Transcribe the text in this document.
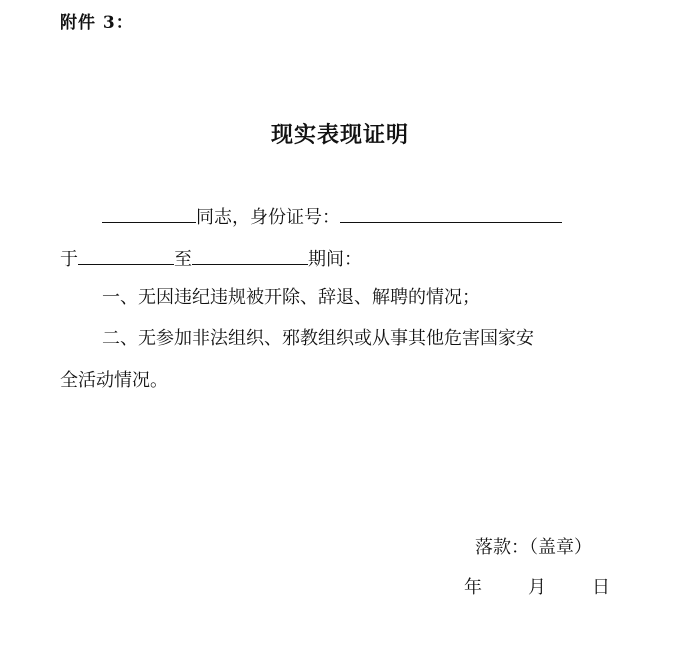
附件 3：
现实表现证明
同志，身份证号：
于	至	期间：
一、无因违纪违规被开除、辞退、解聘的情况；
二、无参加非法组织、邪教组织或从事其他危害国家安
全活动情况。
落款：（盖章）
年	月	日
